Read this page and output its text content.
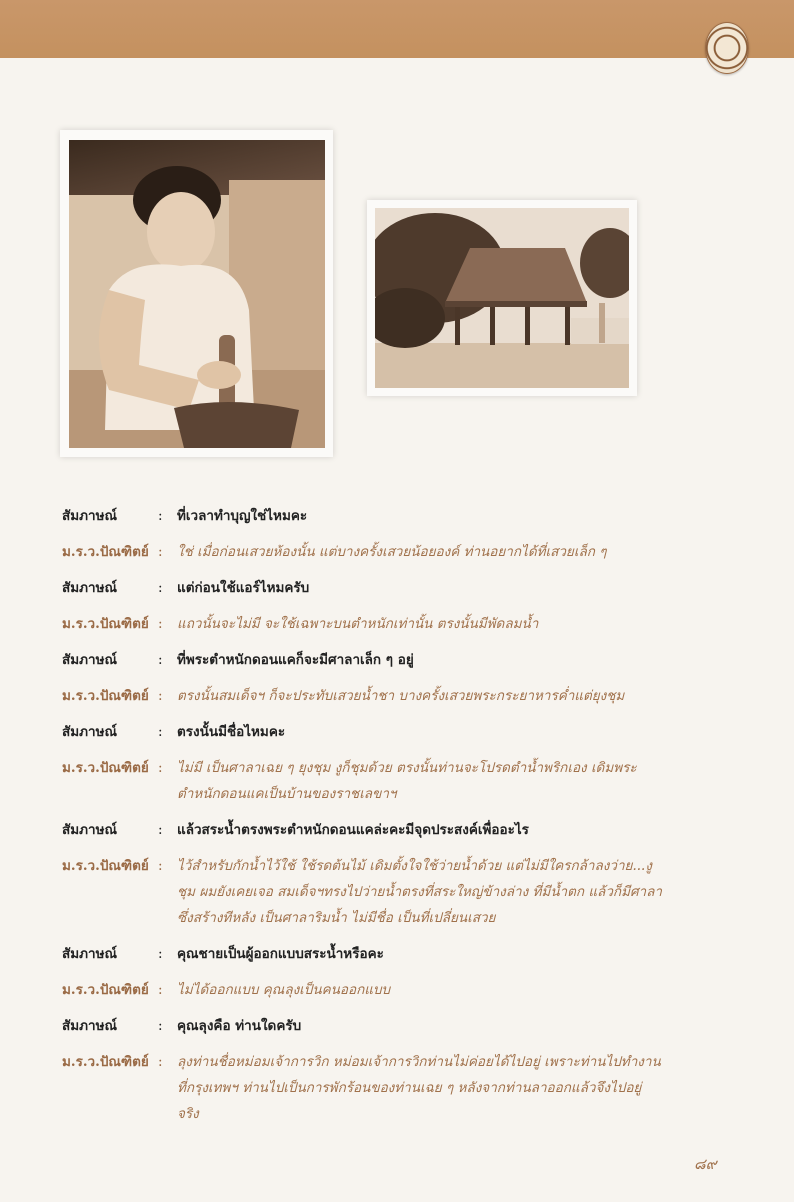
สัมภาษณ์	:	ที่เวลาทำบุญใช่ไหมคะ
ม.ร.ว.ปัณฑิตย์ :	ใช่ เมื่อก่อนเสวยห้องนั้น แต่บางครั้งเสวยน้อยองค์ ท่านอยากได้ที่เสวยเล็ก ๆ
สัมภาษณ์	:	แต่ก่อนใช้แอร์ไหมครับ
ม.ร.ว.ปัณฑิตย์ :	แถวนั้นจะไม่มี จะใช้เฉพาะบนตำหนักเท่านั้น ตรงนั้นมีพัดลมน้ำ
สัมภาษณ์	:	ที่พระตำหนักดอนแคก็จะมีศาลาเล็ก ๆ อยู่
ม.ร.ว.ปัณฑิตย์ :	ตรงนั้นสมเด็จฯ ก็จะประทับเสวยน้ำชา บางครั้งเสวยพระกระยาหารค่ำแต่ยุงชุม
สัมภาษณ์	:	ตรงนั้นมีชื่อไหมคะ
ม.ร.ว.ปัณฑิตย์ :	ไม่มี เป็นศาลาเฉย ๆ ยุงชุม งูก็ชุมด้วย ตรงนั้นท่านจะโปรดตำน้ำพริกเอง เดิมพระตำหนักดอนแคเป็นบ้านของราชเลขาฯ
สัมภาษณ์	:	แล้วสระน้ำตรงพระตำหนักดอนแคล่ะคะมีจุดประสงค์เพื่ออะไร
ม.ร.ว.ปัณฑิตย์ :	ไว้สำหรับกักน้ำไว้ใช้ ใช้รดต้นไม้ เดิมตั้งใจใช้ว่ายน้ำด้วย แต่ไม่มีใครกล้าลงว่าย...งูชุม ผมยังเคยเจอ สมเด็จฯทรงไปว่ายน้ำตรงที่สระใหญ่ข้างล่าง ที่มีน้ำตก แล้วก็มีศาลาซึ่งสร้างทีหลัง เป็นศาลาริมน้ำ ไม่มีชื่อ เป็นที่เปลี่ยนเสวย
สัมภาษณ์	:	คุณชายเป็นผู้ออกแบบสระน้ำหรือคะ
ม.ร.ว.ปัณฑิตย์ :	ไม่ได้ออกแบบ คุณลุงเป็นคนออกแบบ
สัมภาษณ์	:	คุณลุงคือ ท่านใดครับ
ม.ร.ว.ปัณฑิตย์ :	ลุงท่านชื่อหม่อมเจ้าการวิก หม่อมเจ้าการวิกท่านไม่ค่อยได้ไปอยู่ เพราะท่านไปทำงานที่กรุงเทพฯ ท่านไปเป็นการพักร้อนของท่านเฉย ๆ หลังจากท่านลาออกแล้วจึงไปอยู่จริง
๘๙
